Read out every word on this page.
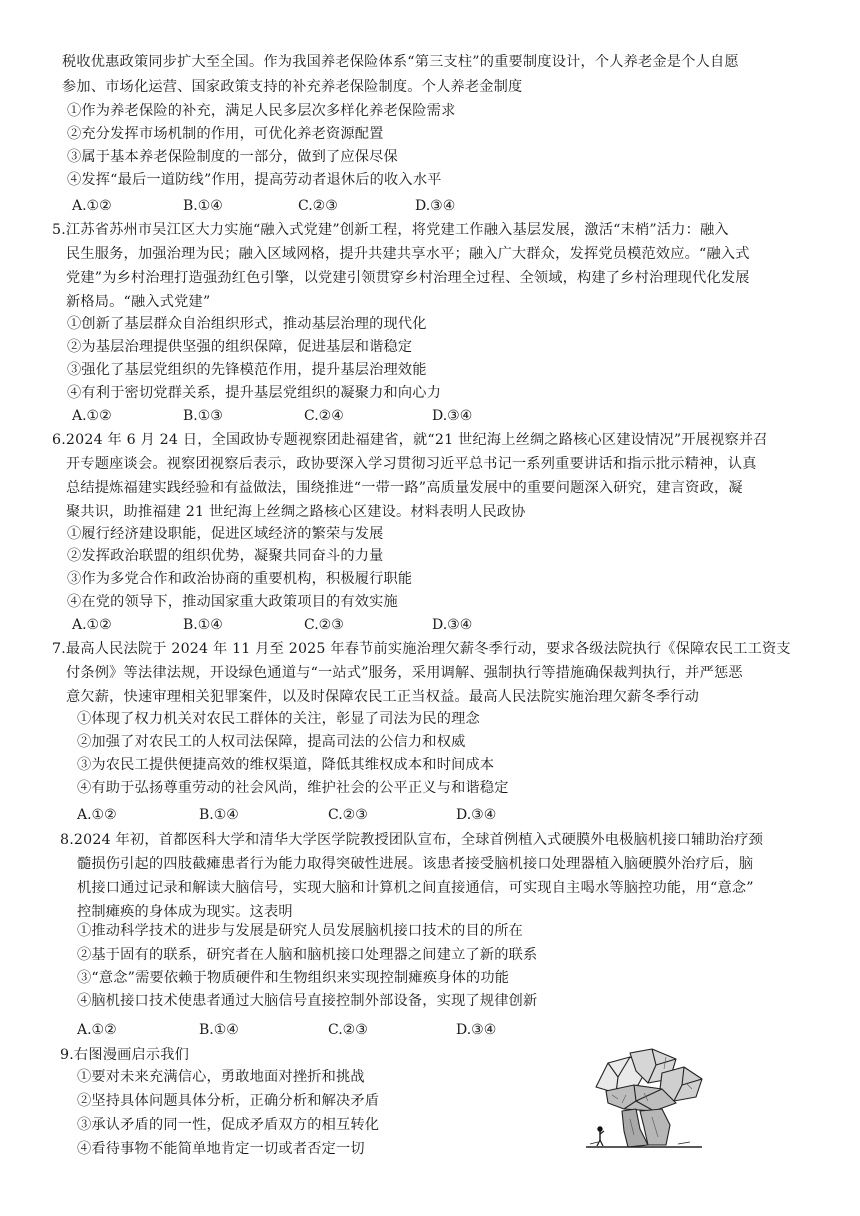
税收优惠政策同步扩大至全国。作为我国养老保险体系“第三支柱”的重要制度设计，个人养老金是个人自愿
参加、市场化运营、国家政策支持的补充养老保险制度。个人养老金制度
①作为养老保险的补充，满足人民多层次多样化养老保险需求
②充分发挥市场机制的作用，可优化养老资源配置
③属于基本养老保险制度的一部分，做到了应保尽保
④发挥“最后一道防线”作用，提高劳动者退休后的收入水平
A.①②	B.①④	C.②③	D.③④
5.江苏省苏州市吴江区大力实施“融入式党建”创新工程，将党建工作融入基层发展，激活“末梢”活力：融入
民生服务，加强治理为民；融入区域网格，提升共建共享水平；融入广大群众，发挥党员模范效应。“融入式
党建”为乡村治理打造强劲红色引擎，以党建引领贯穿乡村治理全过程、全领域，构建了乡村治理现代化发展
新格局。“融入式党建”
①创新了基层群众自治组织形式，推动基层治理的现代化
②为基层治理提供坚强的组织保障，促进基层和谐稳定
③强化了基层党组织的先锋模范作用，提升基层治理效能
④有利于密切党群关系，提升基层党组织的凝聚力和向心力
A.①②	B.①③	C.②④	D.③④
6.2024 年 6 月 24 日，全国政协专题视察团赴福建省，就“21 世纪海上丝绸之路核心区建设情况”开展视察并召
开专题座谈会。视察团视察后表示，政协要深入学习贯彻习近平总书记一系列重要讲话和指示批示精神，认真
总结提炼福建实践经验和有益做法，围绕推进“一带一路”高质量发展中的重要问题深入研究，建言资政，凝
聚共识，助推福建 21 世纪海上丝绸之路核心区建设。材料表明人民政协
①履行经济建设职能，促进区域经济的繁荣与发展
②发挥政治联盟的组织优势，凝聚共同奋斗的力量
③作为多党合作和政治协商的重要机构，积极履行职能
④在党的领导下，推动国家重大政策项目的有效实施
A.①②	B.①④	C.②③	D.③④
7.最高人民法院于 2024 年 11 月至 2025 年春节前实施治理欠薪冬季行动，要求各级法院执行《保障农民工工资支
付条例》等法律法规，开设绿色通道与“一站式”服务，采用调解、强制执行等措施确保裁判执行，并严惩恶
意欠薪，快速审理相关犯罪案件，以及时保障农民工正当权益。最高人民法院实施治理欠薪冬季行动
①体现了权力机关对农民工群体的关注，彰显了司法为民的理念
②加强了对农民工的人权司法保障，提高司法的公信力和权威
③为农民工提供便捷高效的维权渠道，降低其维权成本和时间成本
④有助于弘扬尊重劳动的社会风尚，维护社会的公平正义与和谐稳定
A.①②	B.①④	C.②③	D.③④
8.2024 年初，首都医科大学和清华大学医学院教授团队宣布，全球首例植入式硬膜外电极脑机接口辅助治疗颈
髓损伤引起的四肢截瘫患者行为能力取得突破性进展。该患者接受脑机接口处理器植入脑硬膜外治疗后，脑
机接口通过记录和解读大脑信号，实现大脑和计算机之间直接通信，可实现自主喝水等脑控功能，用“意念”
控制瘫痪的身体成为现实。这表明
①推动科学技术的进步与发展是研究人员发展脑机接口技术的目的所在
②基于固有的联系，研究者在人脑和脑机接口处理器之间建立了新的联系
③“意念”需要依赖于物质硬件和生物组织来实现控制瘫痪身体的功能
④脑机接口技术使患者通过大脑信号直接控制外部设备，实现了规律创新
A.①②	B.①④	C.②③	D.③④
9.右图漫画启示我们
①要对未来充满信心，勇敢地面对挫折和挑战
②坚持具体问题具体分析，正确分析和解决矛盾
③承认矛盾的同一性，促成矛盾双方的相互转化
④看待事物不能简单地肯定一切或者否定一切
